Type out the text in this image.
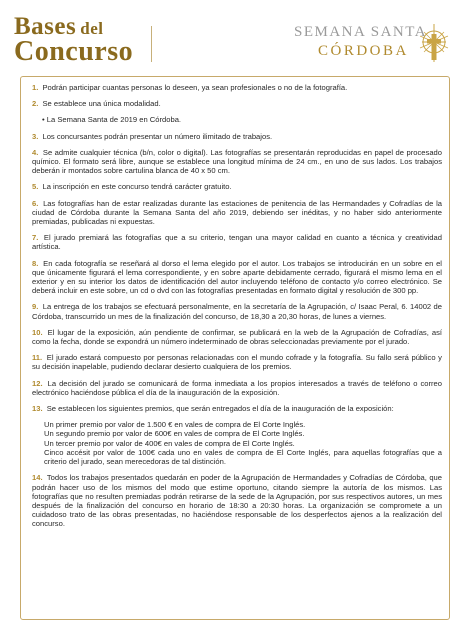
Bases del
Concurso
SEMANA SANTA
CÓRDOBA
1. Podrán participar cuantas personas lo deseen, ya sean profesionales o no de la fotografía.
2. Se establece una única modalidad.
• La Semana Santa de 2019 en Córdoba.
3. Los concursantes podrán presentar un número ilimitado de trabajos.
4. Se admite cualquier técnica (b/n, color o digital). Las fotografías se presentarán reproducidas en papel de procesado químico. El formato será libre, aunque se establece una longitud mínima de 24 cm., en uno de sus lados. Los trabajos deberán ir montados sobre cartulina blanca de 40 x 50 cm.
5. La inscripción en este concurso tendrá carácter gratuito.
6. Las fotografías han de estar realizadas durante las estaciones de penitencia de las Hermandades y Cofradías de la ciudad de Córdoba durante la Semana Santa del año 2019, debiendo ser inéditas, y no haber sido anteriormente premiadas, publicadas ni expuestas.
7. El jurado premiará las fotografías que a su criterio, tengan una mayor calidad en cuanto a técnica y creatividad artística.
8. En cada fotografía se reseñará al dorso el lema elegido por el autor. Los trabajos se introducirán en un sobre en el que únicamente figurará el lema correspondiente, y en sobre aparte debidamente cerrado, figurará el mismo lema en el exterior y en su interior los datos de identificación del autor incluyendo teléfono de contacto y/o correo electrónico. Se deberá incluir en este sobre, un cd o dvd con las fotografías presentadas en formato digital y resolución de 300 pp.
9. La entrega de los trabajos se efectuará personalmente, en la secretaría de la Agrupación, c/ Isaac Peral, 6. 14002 de Córdoba, transcurrido un mes de la finalización del concurso, de 18,30 a 20,30 horas, de lunes a viernes.
10. El lugar de la exposición, aún pendiente de confirmar, se publicará en la web de la Agrupación de Cofradías, así como la fecha, donde se expondrá un número indeterminado de obras seleccionadas previamente por el jurado.
11. El jurado estará compuesto por personas relacionadas con el mundo cofrade y la fotografía. Su fallo será público y su decisión inapelable, pudiendo declarar desierto cualquiera de los premios.
12. La decisión del jurado se comunicará de forma inmediata a los propios interesados a través de teléfono o correo electrónico haciéndose pública el día de la inauguración de la exposición.
13. Se establecen los siguientes premios, que serán entregados el día de la inauguración de la exposición:
Un primer premio por valor de 1.500 € en vales de compra de El Corte Inglés.
Un segundo premio por valor de 600€ en vales de compra de El Corte Inglés.
Un tercer premio por valor de 400€ en vales de compra de El Corte Inglés.
Cinco accésit por valor de 100€ cada uno en vales de compra de El Corte Inglés, para aquellas fotografías que a criterio del jurado, sean merecedoras de tal distinción.
14. Todos los trabajos presentados quedarán en poder de la Agrupación de Hermandades y Cofradías de Córdoba, que podrán hacer uso de los mismos del modo que estime oportuno, citando siempre la autoría de los mismos. Las fotografías que no resulten premiadas podrán retirarse de la sede de la Agrupación, por sus respectivos autores, un mes después de la finalización del concurso en horario de 18:30 a 20:30 horas. La organización se compromete a un cuidadoso trato de las obras presentadas, no haciéndose responsable de los desperfectos ajenos a la realización del concurso.
